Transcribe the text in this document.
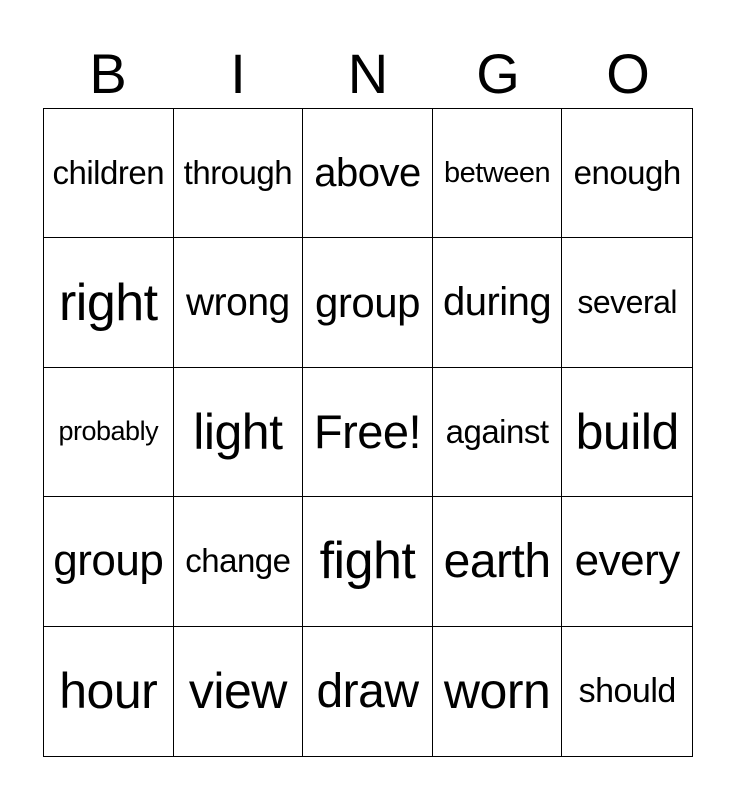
B	I	N	G	O
children through above between enough
right wrong group during several
probably light Free! against build
group change fight earth every
hour view draw worn should
